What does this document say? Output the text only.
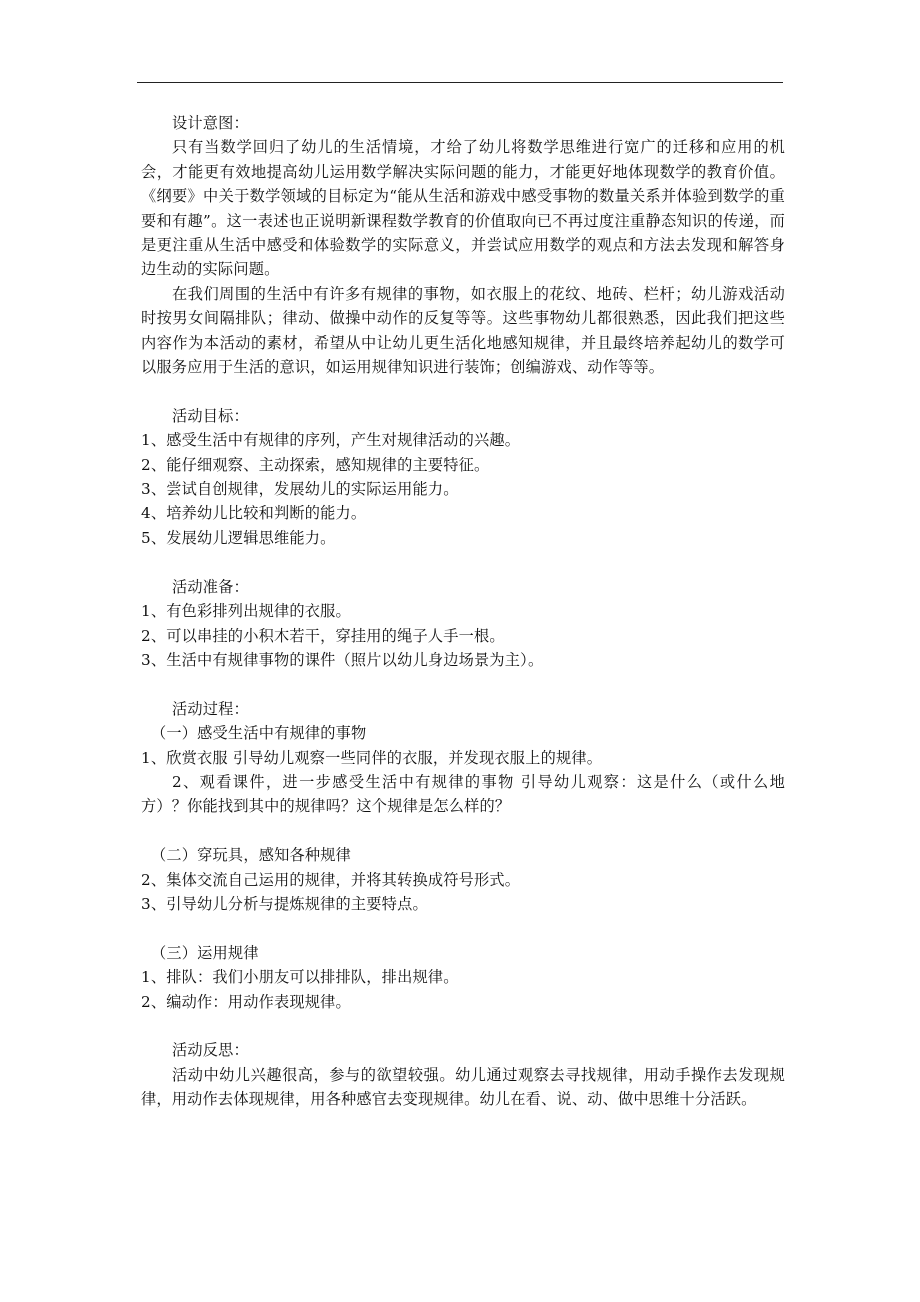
设计意图：

只有当数学回归了幼儿的生活情境，才给了幼儿将数学思维进行宽广的迁移和应用的机会，才能更有效地提高幼儿运用数学解决实际问题的能力，才能更好地体现数学的教育价值。《纲要》中关于数学领域的目标定为“能从生活和游戏中感受事物的数量关系并体验到数学的重要和有趣”。这一表述也正说明新课程数学教育的价值取向已不再过度注重静态知识的传递，而是更注重从生活中感受和体验数学的实际意义，并尝试应用数学的观点和方法去发现和解答身边生动的实际问题。

在我们周围的生活中有许多有规律的事物，如衣服上的花纹、地砖、栏杆；幼儿游戏活动时按男女间隔排队；律动、做操中动作的反复等等。这些事物幼儿都很熟悉，因此我们把这些内容作为本活动的素材，希望从中让幼儿更生活化地感知规律，并且最终培养起幼儿的数学可以服务应用于生活的意识，如运用规律知识进行装饰；创编游戏、动作等等。

活动目标：

1、感受生活中有规律的序列，产生对规律活动的兴趣。

2、能仔细观察、主动探索，感知规律的主要特征。

3、尝试自创规律，发展幼儿的实际运用能力。

4、培养幼儿比较和判断的能力。

5、发展幼儿逻辑思维能力。

活动准备：

1、有色彩排列出规律的衣服。

2、可以串挂的小积木若干，穿挂用的绳子人手一根。

3、生活中有规律事物的课件（照片以幼儿身边场景为主）。

活动过程：

（一）感受生活中有规律的事物

1、欣赏衣服 引导幼儿观察一些同伴的衣服，并发现衣服上的规律。

2、观看课件，进一步感受生活中有规律的事物 引导幼儿观察：这是什么（或什么地方）？你能找到其中的规律吗？这个规律是怎么样的？

（二）穿玩具，感知各种规律

2、集体交流自己运用的规律，并将其转换成符号形式。

3、引导幼儿分析与提炼规律的主要特点。

（三）运用规律

1、排队：我们小朋友可以排排队，排出规律。

2、编动作：用动作表现规律。

活动反思：

活动中幼儿兴趣很高，参与的欲望较强。幼儿通过观察去寻找规律，用动手操作去发现规律，用动作去体现规律，用各种感官去变现规律。幼儿在看、说、动、做中思维十分活跃。
